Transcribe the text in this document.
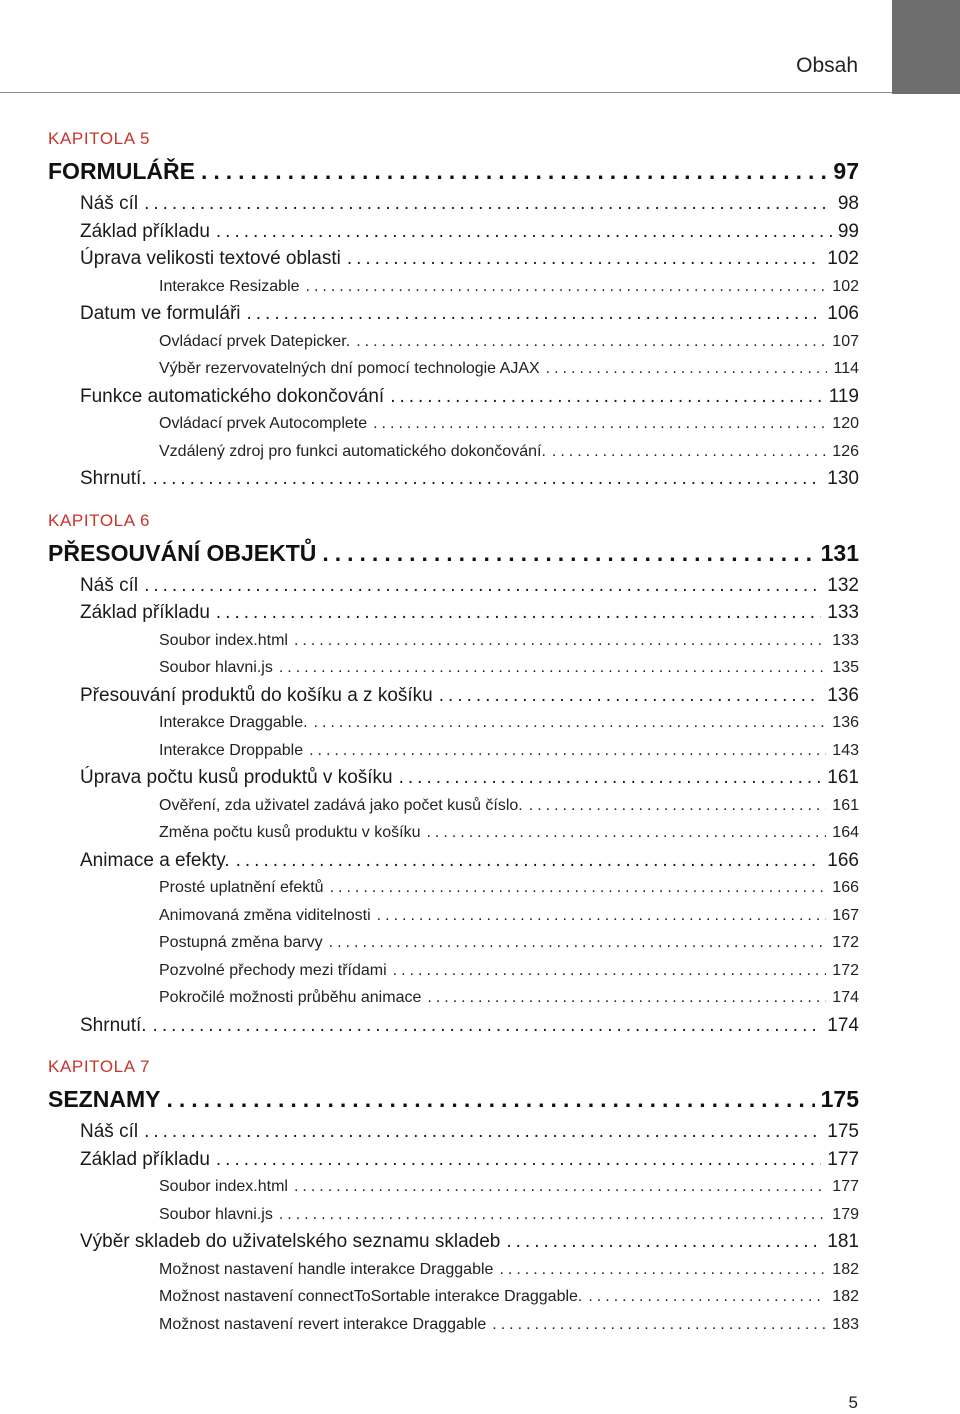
Obsah
KAPITOLA 5
FORMULÁŘE .....	97
Náš cíl .....	98
Základ příkladu .....	99
Úprava velikosti textové oblasti .....	102
Interakce Resizable .....	102
Datum ve formuláři .....	106
Ovládací prvek Datepicker. .....	107
Výběr rezervovatelných dní pomocí technologie AJAX .....	114
Funkce automatického dokončování .....	119
Ovládací prvek Autocomplete .....	120
Vzdálený zdroj pro funkci automatického dokončování. .....	126
Shrnutí. .....	130
KAPITOLA 6
PŘESOUVÁNÍ OBJEKTŮ .....	131
Náš cíl .....	132
Základ příkladu .....	133
Soubor index.html .....	133
Soubor hlavni.js .....	135
Přesouvání produktů do košíku a z košíku .....	136
Interakce Draggable. .....	136
Interakce Droppable .....	143
Úprava počtu kusů produktů v košíku .....	161
Ověření, zda uživatel zadává jako počet kusů číslo. .....	161
Změna počtu kusů produktu v košíku .....	164
Animace a efekty. .....	166
Prosté uplatnění efektů .....	166
Animovaná změna viditelnosti .....	167
Postupná změna barvy .....	172
Pozvolné přechody mezi třídami .....	172
Pokročilé možnosti průběhu animace .....	174
Shrnutí. .....	174
KAPITOLA 7
SEZNAMY .....	175
Náš cíl .....	175
Základ příkladu .....	177
Soubor index.html .....	177
Soubor hlavni.js .....	179
Výběr skladeb do uživatelského seznamu skladeb .....	181
Možnost nastavení handle interakce Draggable .....	182
Možnost nastavení connectToSortable interakce Draggable. .....	182
Možnost nastavení revert interakce Draggable .....	183
5
